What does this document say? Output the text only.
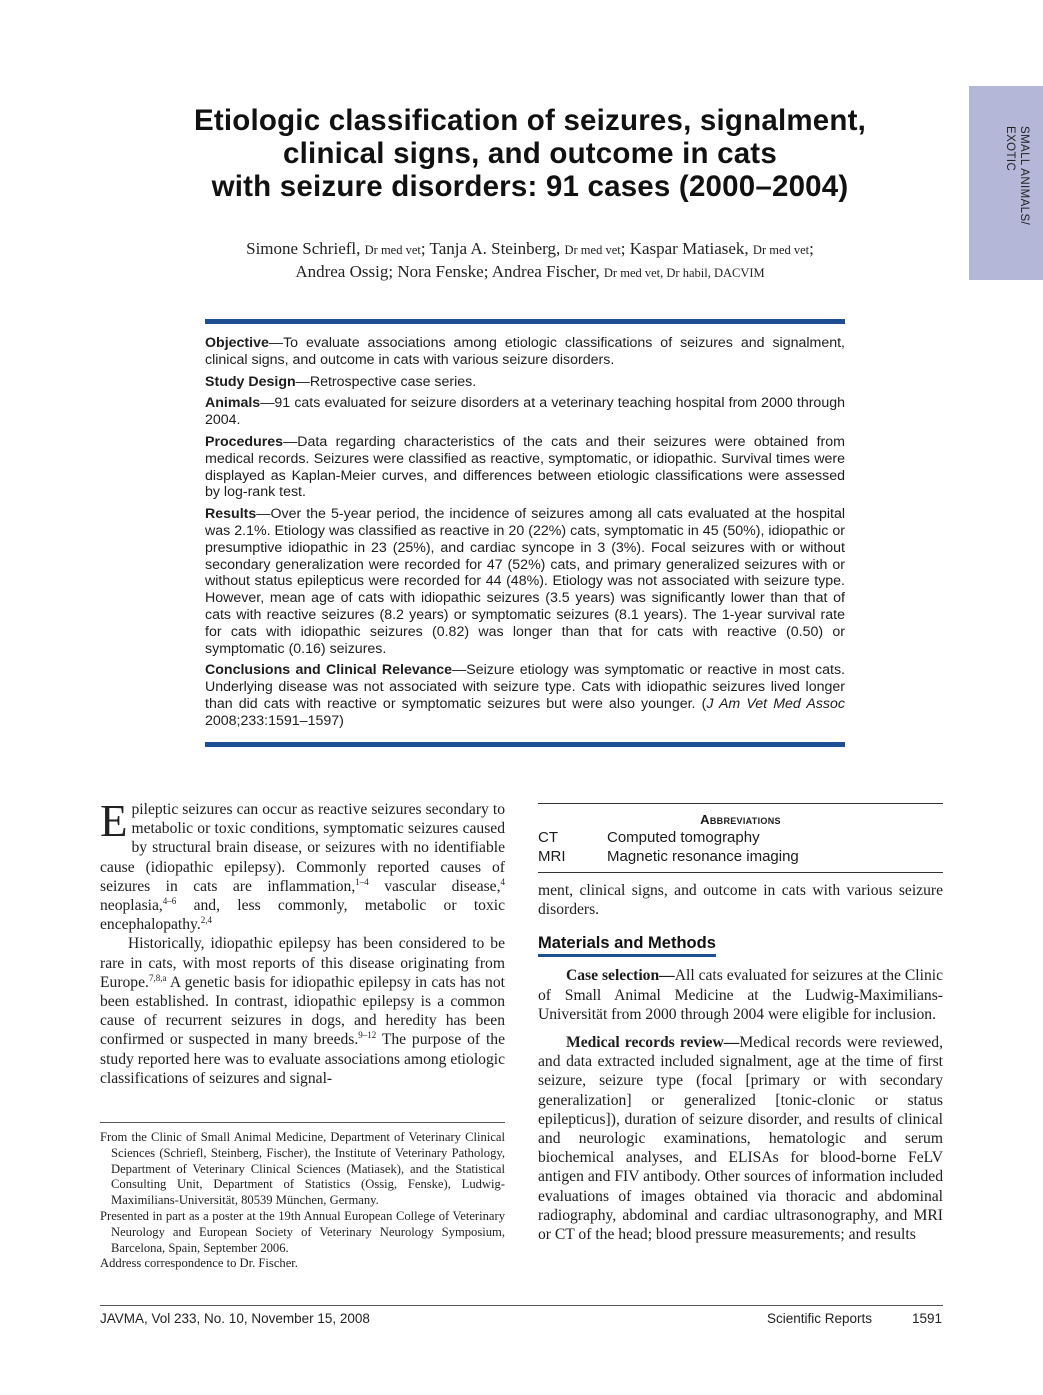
SMALL ANIMALS/
EXOTIC
Etiologic classification of seizures, signalment,
clinical signs, and outcome in cats
with seizure disorders: 91 cases (2000–2004)
Simone Schriefl, Dr med vet; Tanja A. Steinberg, Dr med vet; Kaspar Matiasek, Dr med vet;
Andrea Ossig; Nora Fenske; Andrea Fischer, Dr med vet, Dr habil, DACVIM

Objective—To evaluate associations among etiologic classifications of seizures and signalment, clinical signs, and outcome in cats with various seizure disorders.

Study Design—Retrospective case series.

Animals—91 cats evaluated for seizure disorders at a veterinary teaching hospital from 2000 through 2004.

Procedures—Data regarding characteristics of the cats and their seizures were obtained from medical records. Seizures were classified as reactive, symptomatic, or idiopathic. Survival times were displayed as Kaplan-Meier curves, and differences between etiologic classifications were assessed by log-rank test.

Results—Over the 5-year period, the incidence of seizures among all cats evaluated at the hospital was 2.1%. Etiology was classified as reactive in 20 (22%) cats, symptomatic in 45 (50%), idiopathic or presumptive idiopathic in 23 (25%), and cardiac syncope in 3 (3%). Focal seizures with or without secondary generalization were recorded for 47 (52%) cats, and primary generalized seizures with or without status epilepticus were recorded for 44 (48%). Etiology was not associated with seizure type. However, mean age of cats with idiopathic seizures (3.5 years) was significantly lower than that of cats with reactive seizures (8.2 years) or symptomatic seizures (8.1 years). The 1-year survival rate for cats with idiopathic seizures (0.82) was longer than that for cats with reactive (0.50) or symptomatic (0.16) seizures.

Conclusions and Clinical Relevance—Seizure etiology was symptomatic or reactive in most cats. Underlying disease was not associated with seizure type. Cats with idiopathic seizures lived longer than did cats with reactive or symptomatic seizures but were also younger. (J Am Vet Med Assoc 2008;233:1591–1597)

Epileptic seizures can occur as reactive seizures secondary to metabolic or toxic conditions, symptomatic seizures caused by structural brain disease, or seizures with no identifiable cause (idiopathic epilepsy). Commonly reported causes of seizures in cats are inflammation,$^{1-4}$ vascular disease,$^4$ neoplasia,$^{4-6}$ and, less commonly, metabolic or toxic encephalopathy.$^{2,4}$

Historically, idiopathic epilepsy has been considered to be rare in cats, with most reports of this disease originating from Europe.$^{7,8,a}$ A genetic basis for idiopathic epilepsy in cats has not been established. In contrast, idiopathic epilepsy is a common cause of recurrent seizures in dogs, and heredity has been confirmed or suspected in many breeds.$^{9-12}$ The purpose of the study reported here was to evaluate associations among etiologic classifications of seizures and signal-

From the Clinic of Small Animal Medicine, Department of Veterinary Clinical Sciences (Schriefl, Steinberg, Fischer), the Institute of Veterinary Pathology, Department of Veterinary Clinical Sciences (Matiasek), and the Statistical Consulting Unit, Department of Statistics (Ossig, Fenske), Ludwig-Maximilians-Universität, 80539 München, Germany.

Presented in part as a poster at the 19th Annual European College of Veterinary Neurology and European Society of Veterinary Neurology Symposium, Barcelona, Spain, September 2006.

Address correspondence to Dr. Fischer.

Abbreviations
CT	Computed tomography
MRI	Magnetic resonance imaging

ment, clinical signs, and outcome in cats with various seizure disorders.

Materials and Methods

Case selection—All cats evaluated for seizures at the Clinic of Small Animal Medicine at the Ludwig-Maximilians-Universität from 2000 through 2004 were eligible for inclusion.

Medical records review—Medical records were reviewed, and data extracted included signalment, age at the time of first seizure, seizure type (focal [primary or with secondary generalization] or generalized [tonic-clonic or status epilepticus]), duration of seizure disorder, and results of clinical and neurologic examinations, hematologic and serum biochemical analyses, and ELISAs for blood-borne FeLV antigen and FIV antibody. Other sources of information included evaluations of images obtained via thoracic and abdominal radiography, abdominal and cardiac ultrasonography, and MRI or CT of the head; blood pressure measurements; and results

JAVMA, Vol 233, No. 10, November 15, 2008	Scientific Reports	1591
